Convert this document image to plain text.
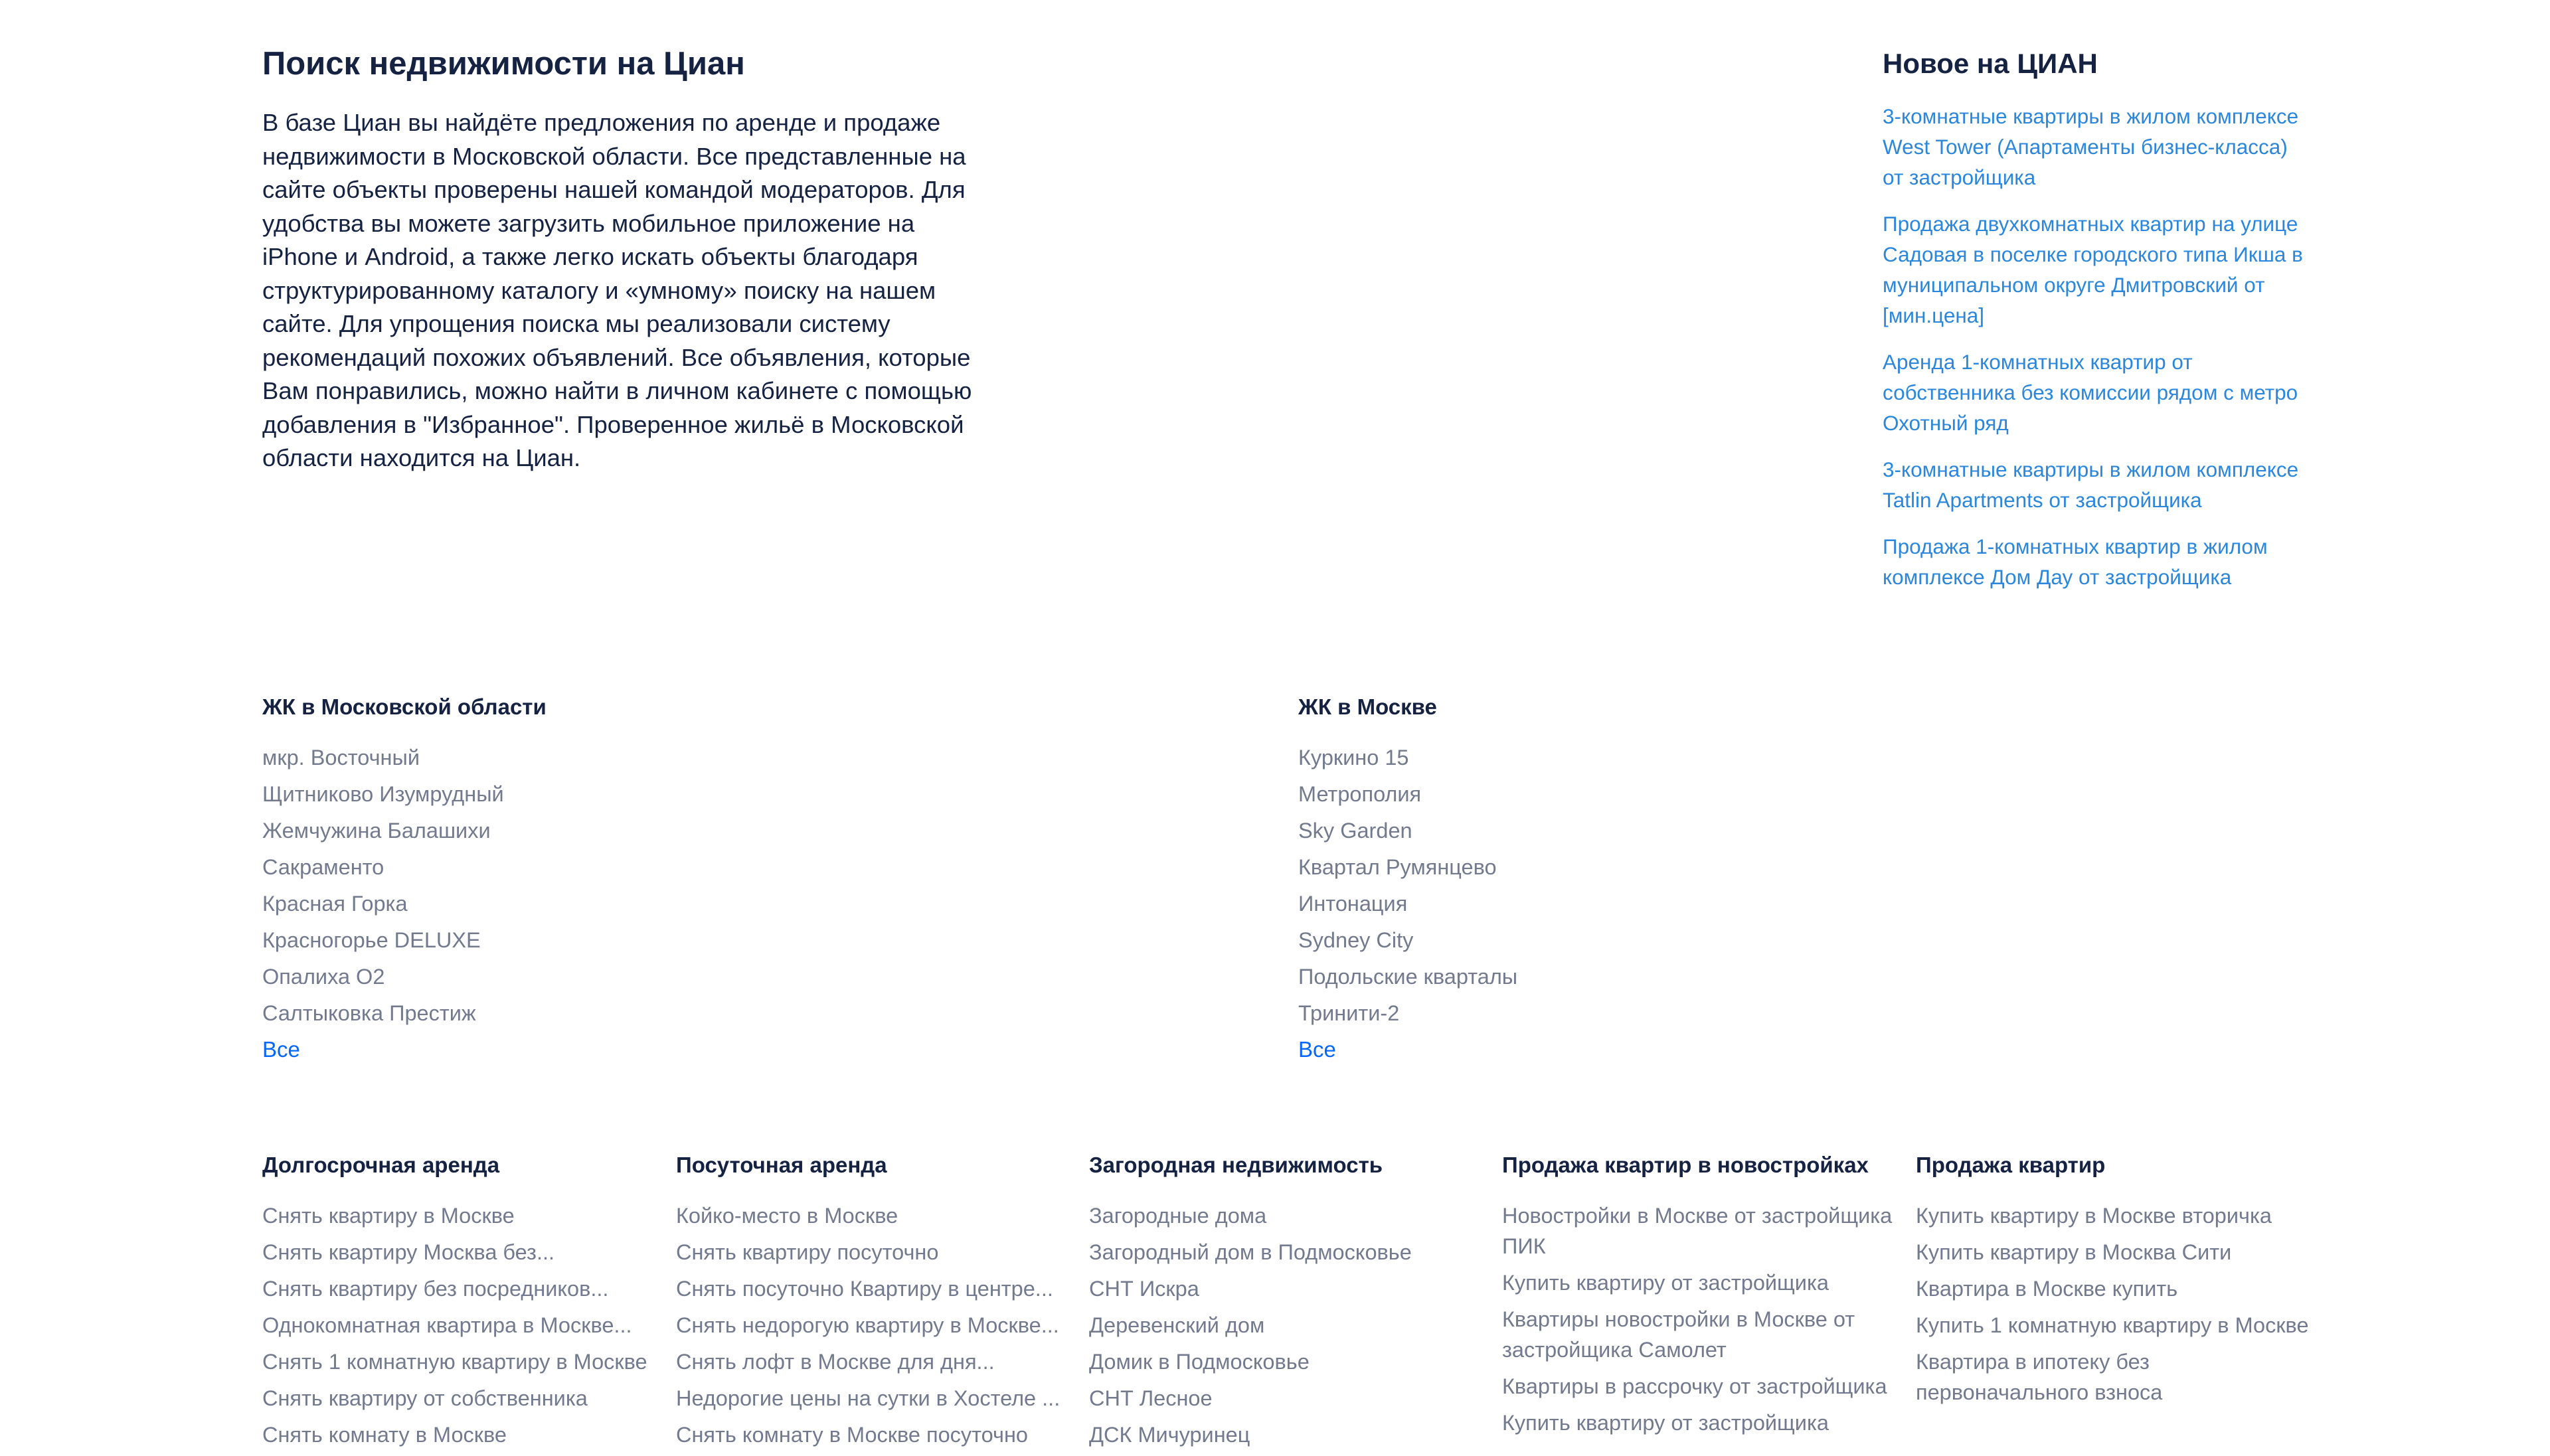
Поиск недвижимости на Циан

В базе Циан вы найдёте предложения по аренде и продаже недвижимости в Московской области. Все представленные на сайте объекты проверены нашей командой модераторов. Для удобства вы можете загрузить мобильное приложение на iPhone и Android, а также легко искать объекты благодаря структурированному каталогу и «умному» поиску на нашем сайте. Для упрощения поиска мы реализовали систему рекомендаций похожих объявлений. Все объявления, которые Вам понравились, можно найти в личном кабинете с помощью добавления в "Избранное". Проверенное жильё в Московской области находится на Циан.

Новое на ЦИАН
3-комнатные квартиры в жилом комплексе West Tower (Апартаменты бизнес-класса) от застройщика
Продажа двухкомнатных квартир на улице Садовая в поселке городского типа Икша в муниципальном округе Дмитровский от [мин.цена]
Аренда 1-комнатных квартир от собственника без комиссии рядом с метро Охотный ряд
3-комнатные квартиры в жилом комплексе Tatlin Apartments от застройщика
Продажа 1-комнатных квартир в жилом комплексе Дом Дау от застройщика
ЖК в Московской области
мкр. Восточный
Щитниково Изумрудный
Жемчужина Балашихи
Сакраменто
Красная Горка
Красногорье DELUXE
Опалиха О2
Салтыковка Престиж
Все
ЖК в Москве
Куркино 15
Метрополия
Sky Garden
Квартал Румянцево
Интонация
Sydney City
Подольские кварталы
Тринити-2
Все
Долгосрочная аренда
Снять квартиру в Москве
Снять квартиру Москва без...
Снять квартиру без посредников...
Однокомнатная квартира в Москве...
Снять 1 комнатную квартиру в Москве
Снять квартиру от собственника
Снять комнату в Москве
Посуточная аренда
Койко-место в Москве
Снять квартиру посуточно
Снять посуточно Квартиру в центре...
Снять недорогую квартиру в Москве...
Снять лофт в Москве для дня...
Недорогие цены на сутки в Хостеле ...
Снять комнату в Москве посуточно
Загородная недвижимость
Загородные дома
Загородный дом в Подмосковье
СНТ Искра
Деревенский дом
Домик в Подмосковье
СНТ Лесное
ДСК Мичуринец
Продажа квартир в новостройках
Новостройки в Москве от застройщика ПИК
Купить квартиру от застройщика
Квартиры новостройки в Москве от застройщика Самолет
Квартиры в рассрочку от застройщика
Купить квартиру от застройщика
Продажа квартир
Купить квартиру в Москве вторичка
Купить квартиру в Москва Сити
Квартира в Москве купить
Купить 1 комнатную квартиру в Москве
Квартира в ипотеку без первоначального взноса
